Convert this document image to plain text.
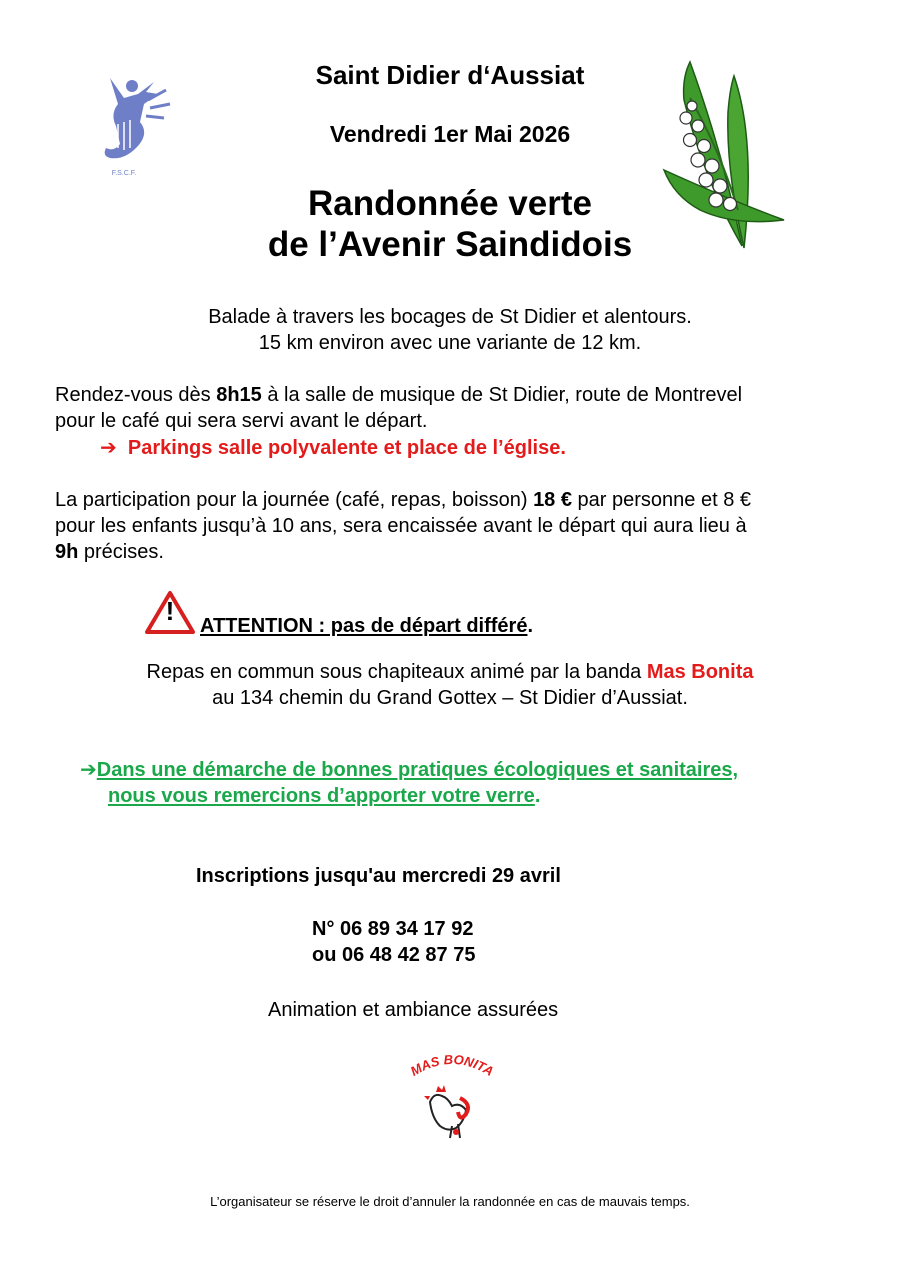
F.S.C.F.
Saint Didier d‘Aussiat
Vendredi 1er Mai 2026
Randonnée verte
de l’Avenir Saindidois
Balade à travers les bocages de St Didier et alentours.
15 km environ avec une variante de 12 km.
Rendez-vous dès 8h15 à la salle de musique de St Didier, route de Montrevel
pour le café qui sera servi avant le départ.
➔ Parkings salle polyvalente et place de l’église.
La participation pour la journée (café, repas, boisson) 18 € par personne et 8 €
pour les enfants jusqu’à 10 ans, sera encaissée avant le départ qui aura lieu à
9h précises.
!	ATTENTION : pas de départ différé.
Repas en commun sous chapiteaux animé par la banda Mas Bonita
au 134 chemin du Grand Gottex – St Didier d’Aussiat.
➔Dans une démarche de bonnes pratiques écologiques et sanitaires,
nous vous remercions d’apporter votre verre.
Inscriptions jusqu'au mercredi 29 avril
N° 06 89 34 17 92
ou 06 48 42 87 75
Animation et ambiance assurées
MAS BONITA
L’organisateur se réserve le droit d’annuler la randonnée en cas de mauvais temps.
